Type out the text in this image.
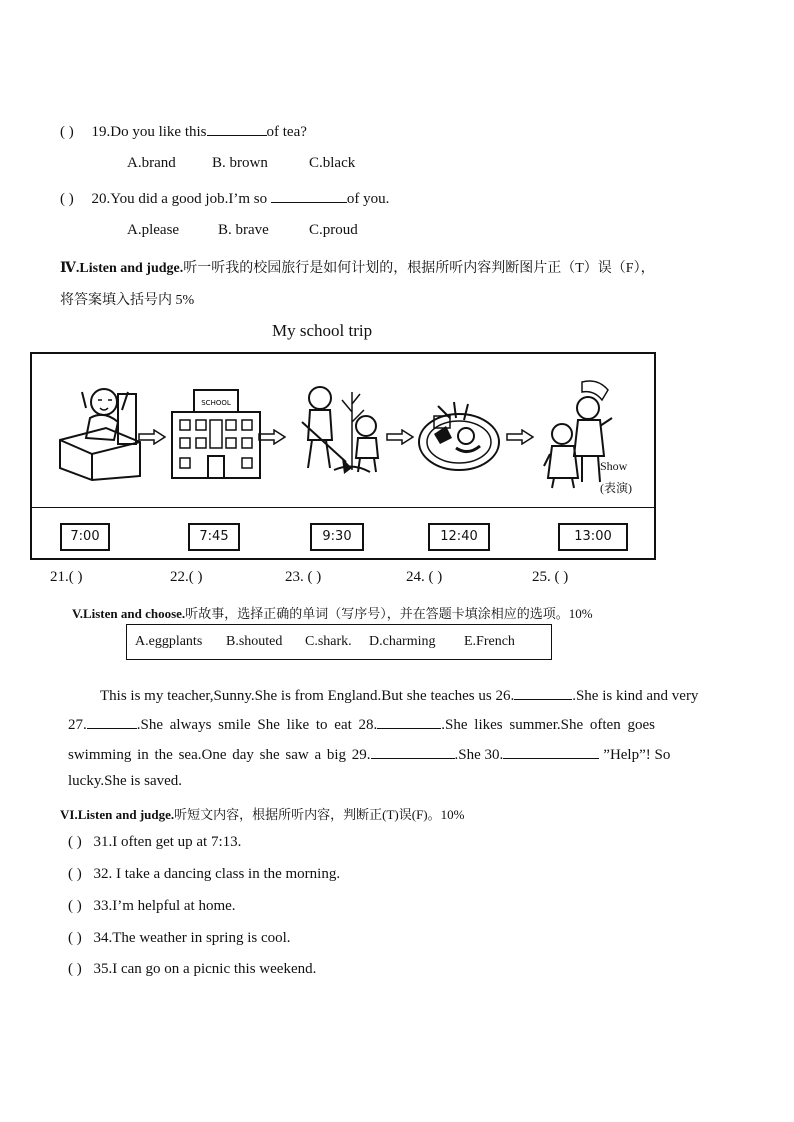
( ) 19.Do you like this	of tea?
A.brand B. brown	C.black
( ) 20.You did a good job.I’m so	of you.
A.please	B. brave	C.proud
Ⅳ.Listen and judge.听一听我的校园旅行是如何计划的，根据所听内容判断图片正（T）误（F），
将答案填入括号内 5%
My school trip
SCHOOL
Show
(表演)
7:00	7:45	9:30	12:40	13:00
21.( )	22.( )	23. ( )	24. ( )	25. ( )
V.Listen and choose.听故事，选择正确的单词（写序号），并在答题卡填涂相应的选项。10%
A.eggplants B.shouted C.shark. D.charming E.French
This is my teacher,Sunny.She is from England.But she teaches us 26.	.She is kind and very
27.	.She always smile She like to eat 28.	.She likes summer.She often goes
swimming in the sea.One day she saw a big 29.	.She 30.	”Help”! So
lucky.She is saved.
VI.Listen and judge.听短文内容，根据所听内容，判断正(T)误(F)。10%
( ) 31.I often get up at 7:13.
( ) 32. I take a dancing class in the morning.
( ) 33.I’m helpful at home.
( ) 34.The weather in spring is cool.
( ) 35.I can go on a picnic this weekend.
